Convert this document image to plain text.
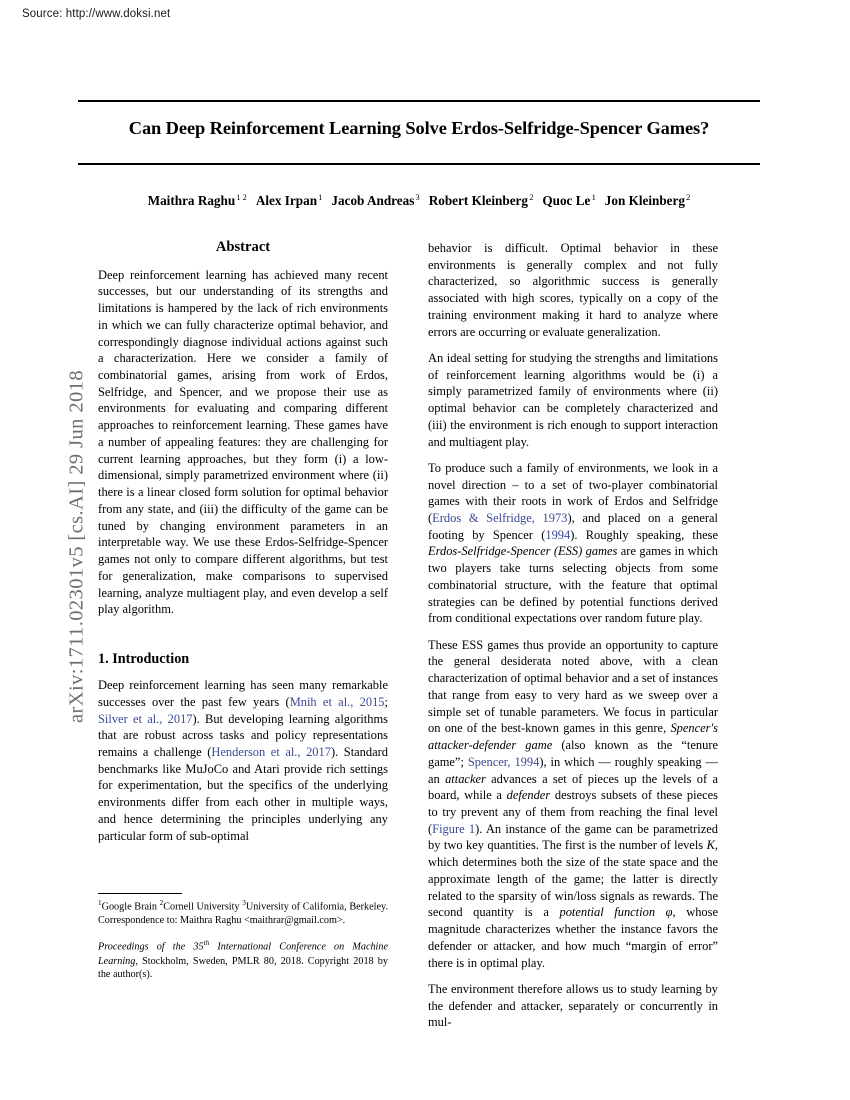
Source: http://www.doksi.net
arXiv:1711.02301v5 [cs.AI] 29 Jun 2018
Can Deep Reinforcement Learning Solve Erdos-Selfridge-Spencer Games?
Maithra Raghu$^{1 2}$ Alex Irpan$^1$ Jacob Andreas$^3$ Robert Kleinberg$^2$ Quoc Le$^1$ Jon Kleinberg$^2$
Abstract

Deep reinforcement learning has achieved many recent successes, but our understanding of its strengths and limitations is hampered by the lack of rich environments in which we can fully characterize optimal behavior, and correspondingly diagnose individual actions against such a characterization. Here we consider a family of combinatorial games, arising from work of Erdos, Selfridge, and Spencer, and we propose their use as environments for evaluating and comparing different approaches to reinforcement learning. These games have a number of appealing features: they are challenging for current learning approaches, but they form (i) a low-dimensional, simply parametrized environment where (ii) there is a linear closed form solution for optimal behavior from any state, and (iii) the difficulty of the game can be tuned by changing environment parameters in an interpretable way. We use these Erdos-Selfridge-Spencer games not only to compare different algorithms, but test for generalization, make comparisons to supervised learning, analyze multiagent play, and even develop a self play algorithm.

1. Introduction

Deep reinforcement learning has seen many remarkable successes over the past few years (Mnih et al., 2015; Silver et al., 2017). But developing learning algorithms that are robust across tasks and policy representations remains a challenge (Henderson et al., 2017). Standard benchmarks like MuJoCo and Atari provide rich settings for experimentation, but the specifics of the underlying environments differ from each other in multiple ways, and hence determining the principles underlying any particular form of sub-optimal

behavior is difficult. Optimal behavior in these environments is generally complex and not fully characterized, so algorithmic success is generally associated with high scores, typically on a copy of the training environment making it hard to analyze where errors are occurring or evaluate generalization.

An ideal setting for studying the strengths and limitations of reinforcement learning algorithms would be (i) a simply parametrized family of environments where (ii) optimal behavior can be completely characterized and (iii) the environment is rich enough to support interaction and multiagent play.

To produce such a family of environments, we look in a novel direction – to a set of two-player combinatorial games with their roots in work of Erdos and Selfridge (Erdos & Selfridge, 1973), and placed on a general footing by Spencer (1994). Roughly speaking, these Erdos-Selfridge-Spencer (ESS) games are games in which two players take turns selecting objects from some combinatorial structure, with the feature that optimal strategies can be defined by potential functions derived from conditional expectations over random future play.

These ESS games thus provide an opportunity to capture the general desiderata noted above, with a clean characterization of optimal behavior and a set of instances that range from easy to very hard as we sweep over a simple set of tunable parameters. We focus in particular on one of the best-known games in this genre, Spencer's attacker-defender game (also known as the “tenure game”; Spencer, 1994), in which — roughly speaking — an attacker advances a set of pieces up the levels of a board, while a defender destroys subsets of these pieces to try prevent any of them from reaching the final level (Figure 1). An instance of the game can be parametrized by two key quantities. The first is the number of levels K, which determines both the size of the state space and the approximate length of the game; the latter is directly related to the sparsity of win/loss signals as rewards. The second quantity is a potential function φ, whose magnitude characterizes whether the instance favors the defender or attacker, and how much “margin of error” there is in optimal play.

The environment therefore allows us to study learning by the defender and attacker, separately or concurrently in mul-

$^1$Google Brain $^2$Cornell University $^3$University of California, Berkeley. Correspondence to: Maithra Raghu <maithrar@gmail.com>.

Proceedings of the 35th International Conference on Machine Learning, Stockholm, Sweden, PMLR 80, 2018. Copyright 2018 by the author(s).
